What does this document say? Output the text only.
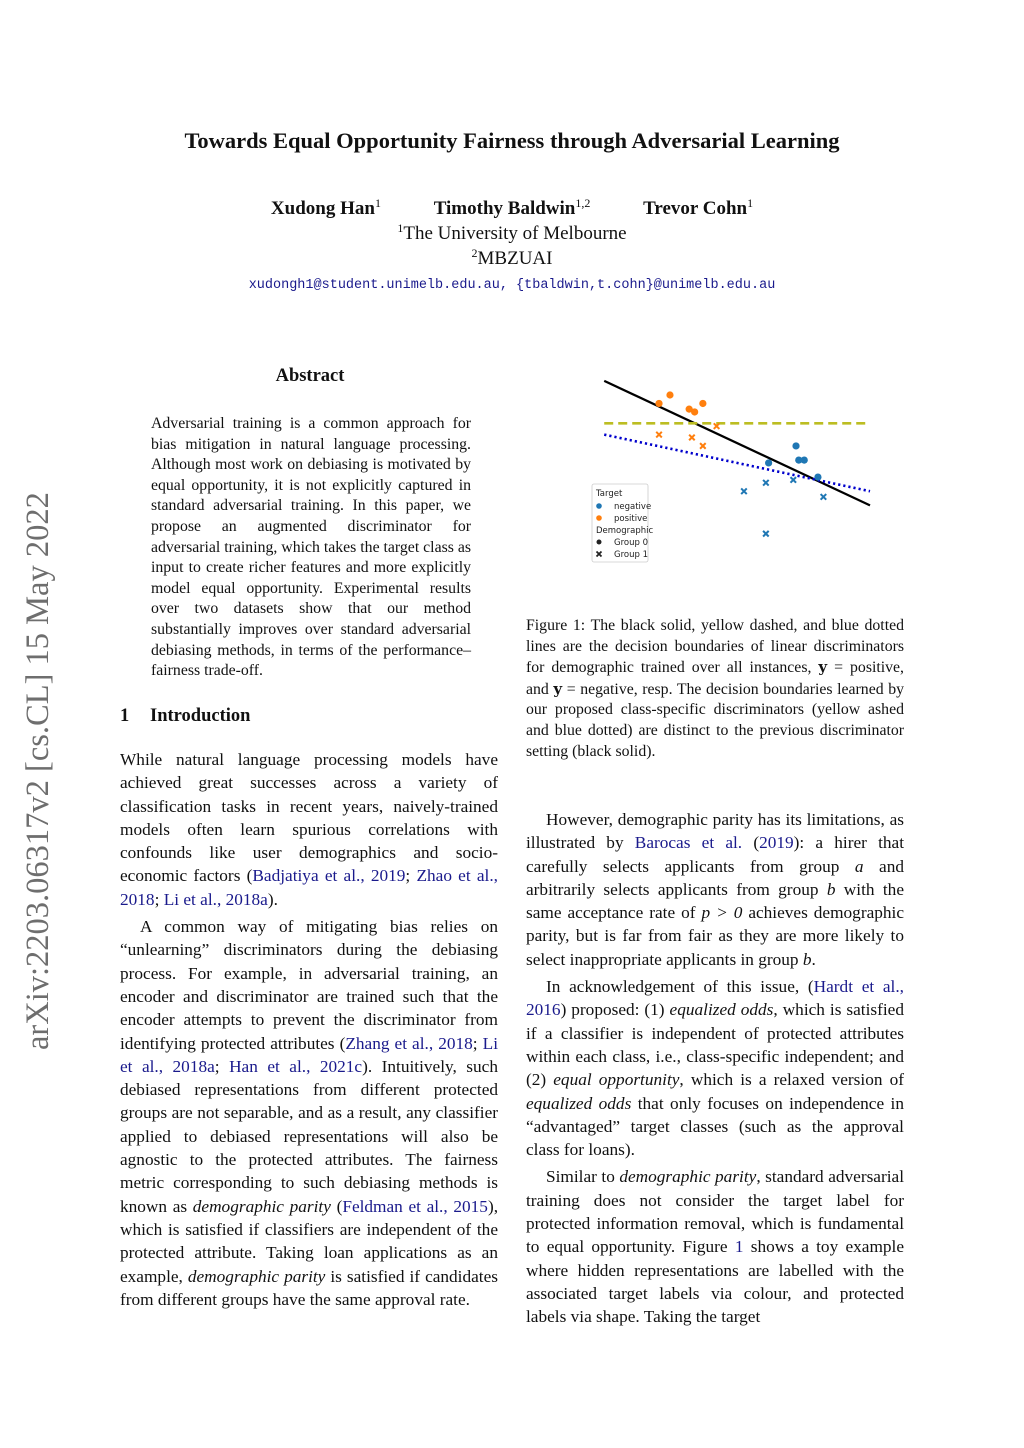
arXiv:2203.06317v2 [cs.CL] 15 May 2022
Towards Equal Opportunity Fairness through Adversarial Learning
Xudong Han$^1$	Timothy Baldwin$^{1,2}$	Trevor Cohn$^1$
$^1$The University of Melbourne
$^2$MBZUAI
xudongh1@student.unimelb.edu.au, {tbaldwin,t.cohn}@unimelb.edu.au
Abstract
Adversarial training is a common approach for bias mitigation in natural language processing. Although most work on debiasing is motivated by equal opportunity, it is not explicitly captured in standard adversarial training. In this paper, we propose an augmented discriminator for adversarial training, which takes the target class as input to create richer features and more explicitly model equal opportunity. Experimental results over two datasets show that our method substantially improves over standard adversarial debiasing methods, in terms of the performance–fairness trade-off.
1 Introduction

While natural language processing models have achieved great successes across a variety of classification tasks in recent years, naively-trained models often learn spurious correlations with confounds like user demographics and socio-economic factors (Badjatiya et al., 2019; Zhao et al., 2018; Li et al., 2018a).

A common way of mitigating bias relies on “unlearning” discriminators during the debiasing process. For example, in adversarial training, an encoder and discriminator are trained such that the encoder attempts to prevent the discriminator from identifying protected attributes (Zhang et al., 2018; Li et al., 2018a; Han et al., 2021c). Intuitively, such debiased representations from different protected groups are not separable, and as a result, any classifier applied to debiased representations will also be agnostic to the protected attributes. The fairness metric corresponding to such debiasing methods is known as demographic parity (Feldman et al., 2015), which is satisfied if classifiers are independent of the protected attribute. Taking loan applications as an example, demographic parity is satisfied if candidates from different groups have the same approval rate.

Target
negative
positive
Demographic
Group 0
Group 1
Figure 1: The black solid, yellow dashed, and blue dotted lines are the decision boundaries of linear discriminators for demographic trained over all instances, y = positive, and y = negative, resp. The decision boundaries learned by our proposed class-specific discriminators (yellow ashed and blue dotted) are distinct to the previous discriminator setting (black solid).

However, demographic parity has its limitations, as illustrated by Barocas et al. (2019): a hirer that carefully selects applicants from group a and arbitrarily selects applicants from group b with the same acceptance rate of p > 0 achieves demographic parity, but is far from fair as they are more likely to select inappropriate applicants in group b.

In acknowledgement of this issue, (Hardt et al., 2016) proposed: (1) equalized odds, which is satisfied if a classifier is independent of protected attributes within each class, i.e., class-specific independent; and (2) equal opportunity, which is a relaxed version of equalized odds that only focuses on independence in “advantaged” target classes (such as the approval class for loans).

Similar to demographic parity, standard adversarial training does not consider the target label for protected information removal, which is fundamental to equal opportunity. Figure 1 shows a toy example where hidden representations are labelled with the associated target labels via colour, and protected labels via shape. Taking the target
